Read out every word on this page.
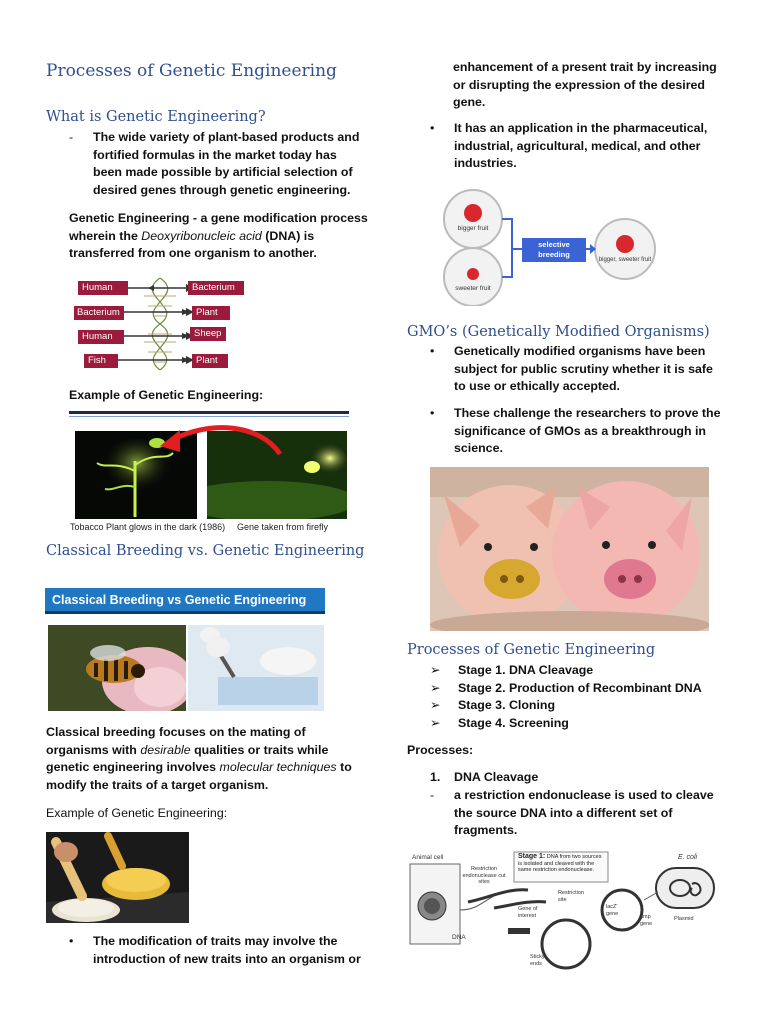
Processes of Genetic Engineering
What is Genetic Engineering?
-	The wide variety of plant-based products and fortified formulas in the market today has been made possible by artificial selection of desired genes through genetic engineering.
Genetic Engineering - a gene modification process wherein the Deoxyribonucleic acid (DNA) is transferred from one organism to another.
Human	Bacterium
Bacterium	Plant
Human	Sheep
Fish	Plant
Example of Genetic Engineering:
Tobacco Plant glows in the dark (1986) Gene taken from firefly
Classical Breeding vs. Genetic Engineering
Classical Breeding vs Genetic Engineering
Classical breeding focuses on the mating of organisms with desirable qualities or traits while genetic engineering involves molecular techniques to modify the traits of a target organism.
Example of Genetic Engineering:
•	The modification of traits may involve the introduction of new traits into an organism or
enhancement of a present trait by increasing or disrupting the expression of the desired gene.
•	It has an application in the pharmaceutical, industrial, agricultural, medical, and other industries.
bigger fruit
sweeter fruit
selective breeding
bigger, sweeter fruit
GMO’s (Genetically Modified Organisms)
•	Genetically modified organisms have been subject for public scrutiny whether it is safe to use or ethically accepted.
•	These challenge the researchers to prove the significance of GMOs as a breakthrough in science.
Processes of Genetic Engineering
➢	Stage 1. DNA Cleavage
➢	Stage 2. Production of Recombinant DNA
➢	Stage 3. Cloning
➢	Stage 4. Screening
Processes:
1.	DNA Cleavage
-	a restriction endonuclease is used to cleave the source DNA into a different set of fragments.
Animal cell
DNA
Restriction endonuclease cut sites
Stage 1: DNA from two sources is isolated and cleaved with the same restriction endonuclease.
Gene of interest
Restriction site
lacZ' gene
amp gene
Sticky ends
E. coli
Plasmid
